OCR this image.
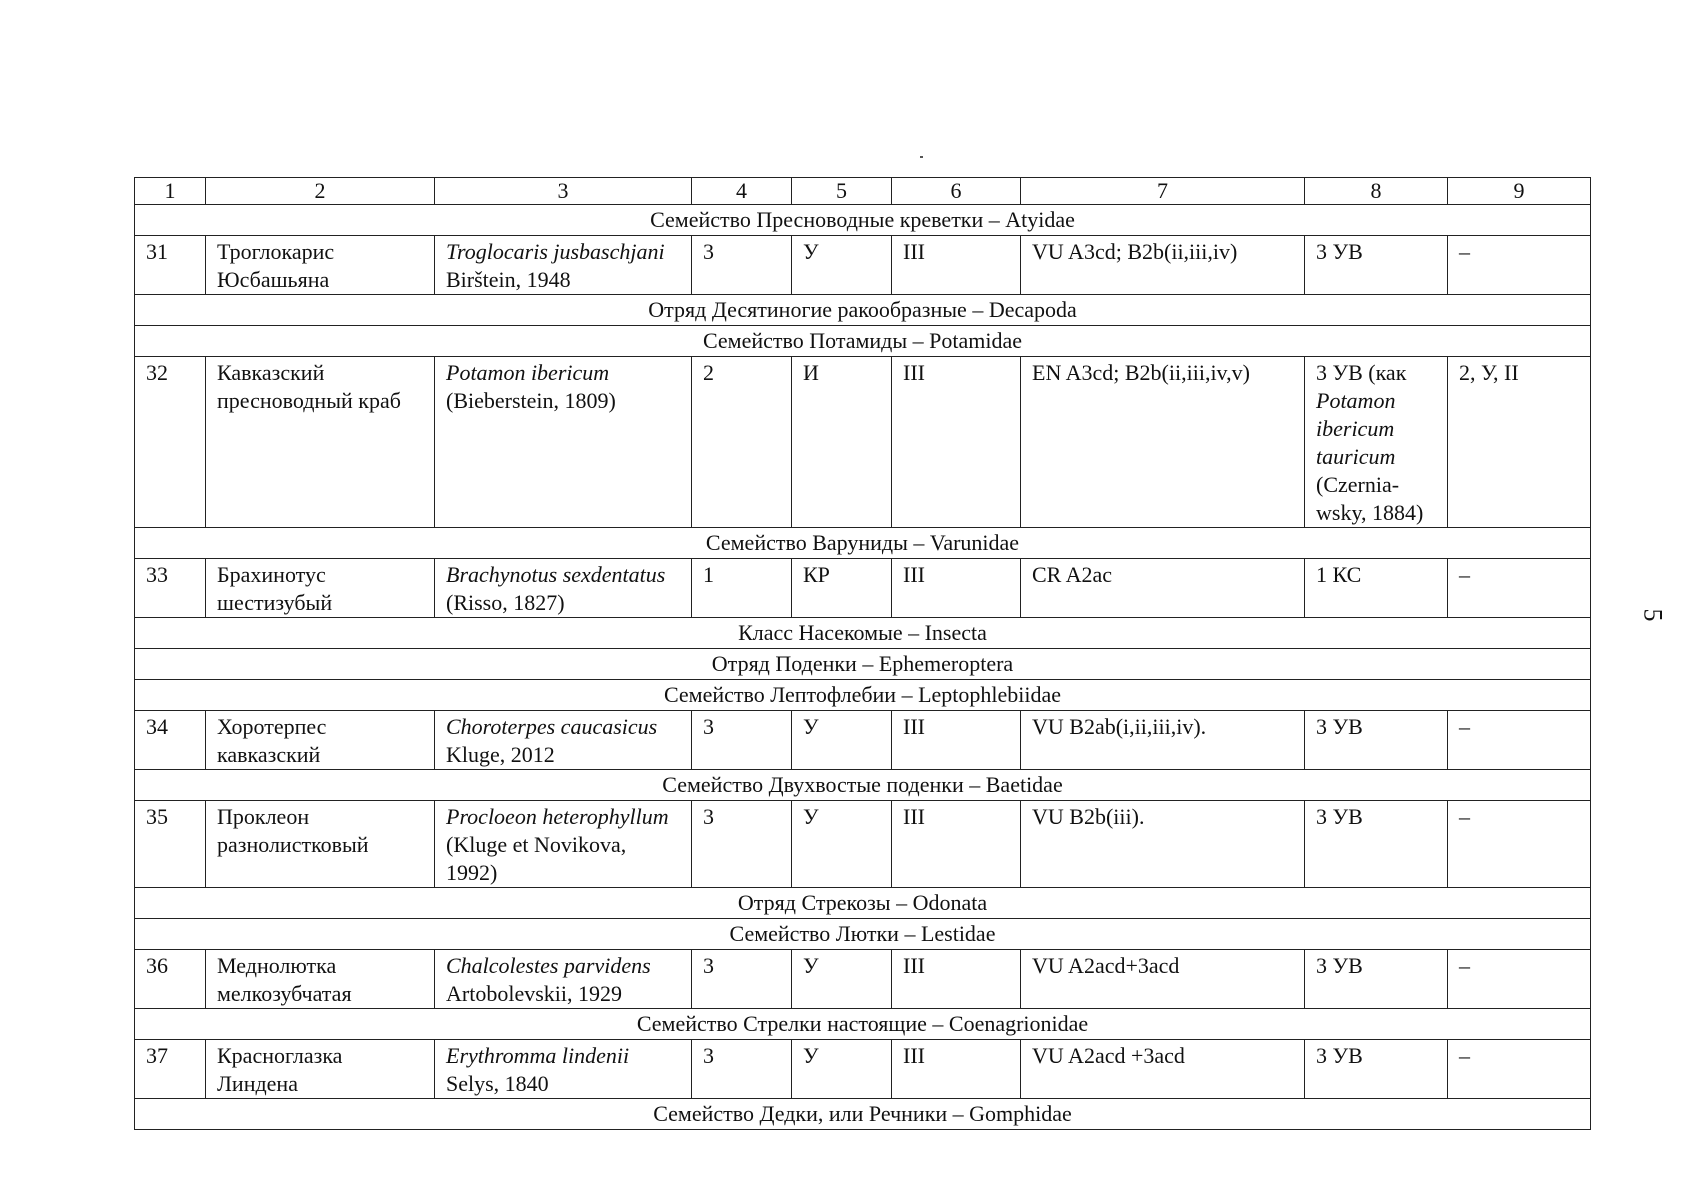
1	2	3	4	5	6	7	8	9
Семейство Пресноводные креветки – Atyidae								
31	Троглокарис Юсбашьяна	Troglocaris jusbaschjani Birštein, 1948	3	У	III	VU A3cd; B2b(ii,iii,iv)	3 УВ	–
Отряд Десятиногие ракообразные – Decapoda								
Семейство Потамиды – Potamidae								
32	Кавказский пресноводный краб	Potamon ibericum (Bieberstein, 1809)	2	И	III	EN A3cd; B2b(ii,iii,iv,v)	3 УВ (как Potamon ibericum tauricum (Czernia-wsky, 1884)	2, У, II
Семейство Варуниды – Varunidae								
33	Брахинотус шестизубый	Brachynotus sexdentatus (Risso, 1827)	1	КР	III	CR A2ac	1 КС	–
Класс Насекомые – Insecta								
Отряд Поденки – Ephemeroptera								
Семейство Лептофлебии – Leptophlebiidae								
34	Хоротерпес кавказский	Choroterpes caucasicus Kluge, 2012	3	У	III	VU B2ab(i,ii,iii,iv).	3 УВ	–
Семейство Двухвостые поденки – Baetidae								
35	Проклеон разнолистковый	Procloeon heterophyllum (Kluge et Novikova, 1992)	3	У	III	VU B2b(iii).	3 УВ	–
Отряд Стрекозы – Odonata								
Семейство Лютки – Lestidae								
36	Меднолютка мелкозубчатая	Chalcolestes parvidens Artobolevskii, 1929	3	У	III	VU A2acd+3acd	3 УВ	–
Семейство Стрелки настоящие – Coenagrionidae								
37	Красноглазка Линдена	Erythromma lindenii Selys, 1840	3	У	III	VU A2acd +3acd	3 УВ	–
Семейство Дедки, или Речники – Gomphidae								
5
